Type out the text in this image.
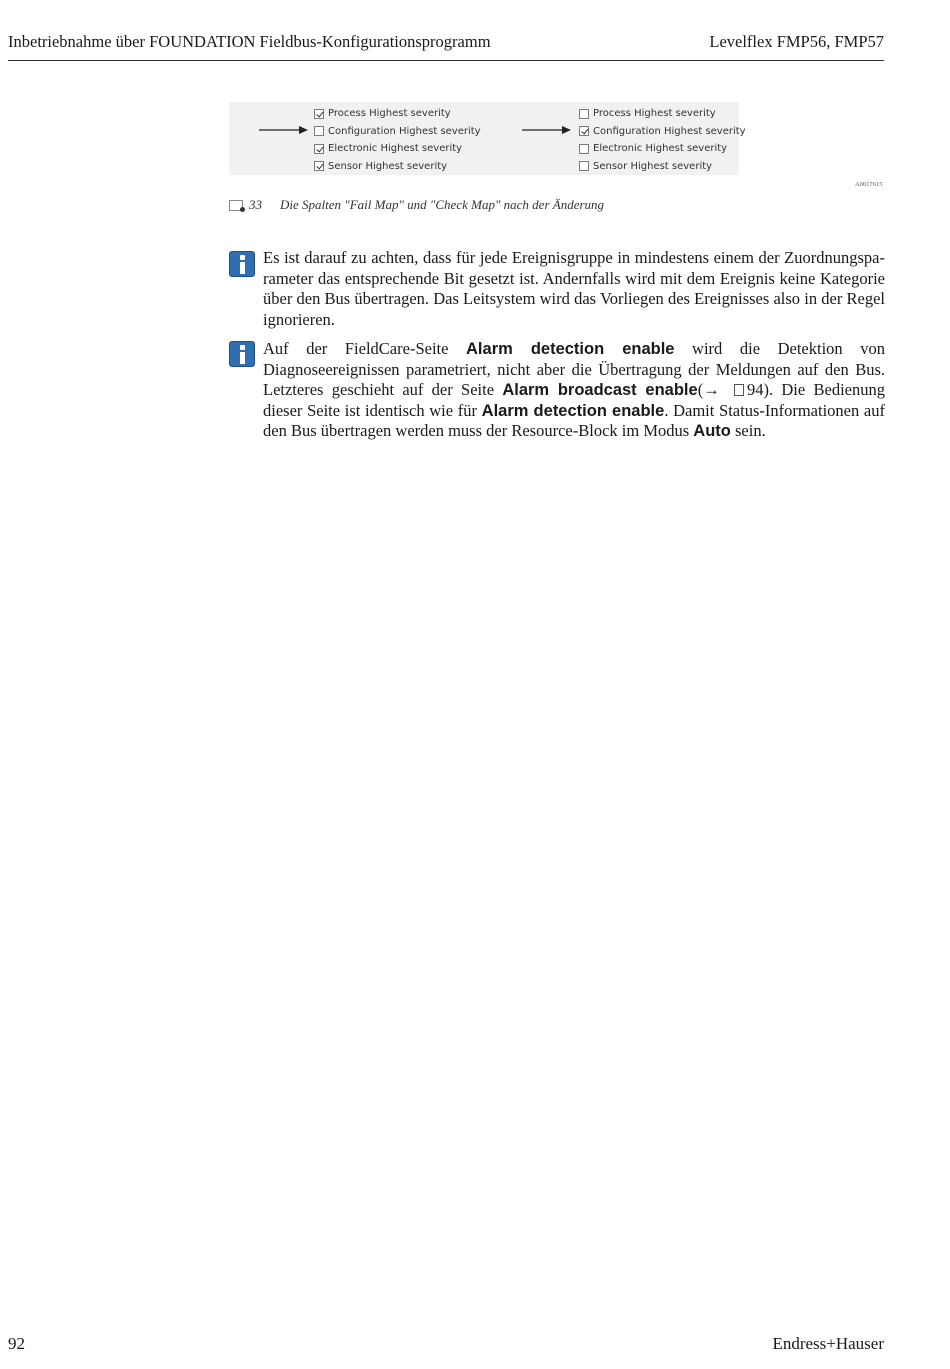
Inbetriebnahme über FOUNDATION Fieldbus-Konfigurationsprogramm	Levelflex FMP56, FMP57
Process Highest severity
Configuration Highest severity
Electronic Highest severity
Sensor Highest severity
Process Highest severity
Configuration Highest severity
Electronic Highest severity
Sensor Highest severity
A0017615
33 Die Spalten "Fail Map" und "Check Map" nach der Änderung
Es ist darauf zu achten, dass für jede Ereignisgruppe in mindestens einem der Zuordnungsparameter das entsprechende Bit gesetzt ist. Andernfalls wird mit dem Ereignis keine Kategorie über den Bus übertragen. Das Leitsystem wird das Vorliegen des Ereignisses also in der Regel ignorieren.
Auf der FieldCare-Seite Alarm detection enable wird die Detektion von Diagnoseereignissen parametriert, nicht aber die Übertragung der Meldungen auf den Bus. Letzteres geschieht auf der Seite Alarm broadcast enable(→ 94). Die Bedienung dieser Seite ist identisch wie für Alarm detection enable. Damit Status-Informationen auf den Bus übertragen werden muss der Resource-Block im Modus Auto sein.
92	Endress+Hauser
